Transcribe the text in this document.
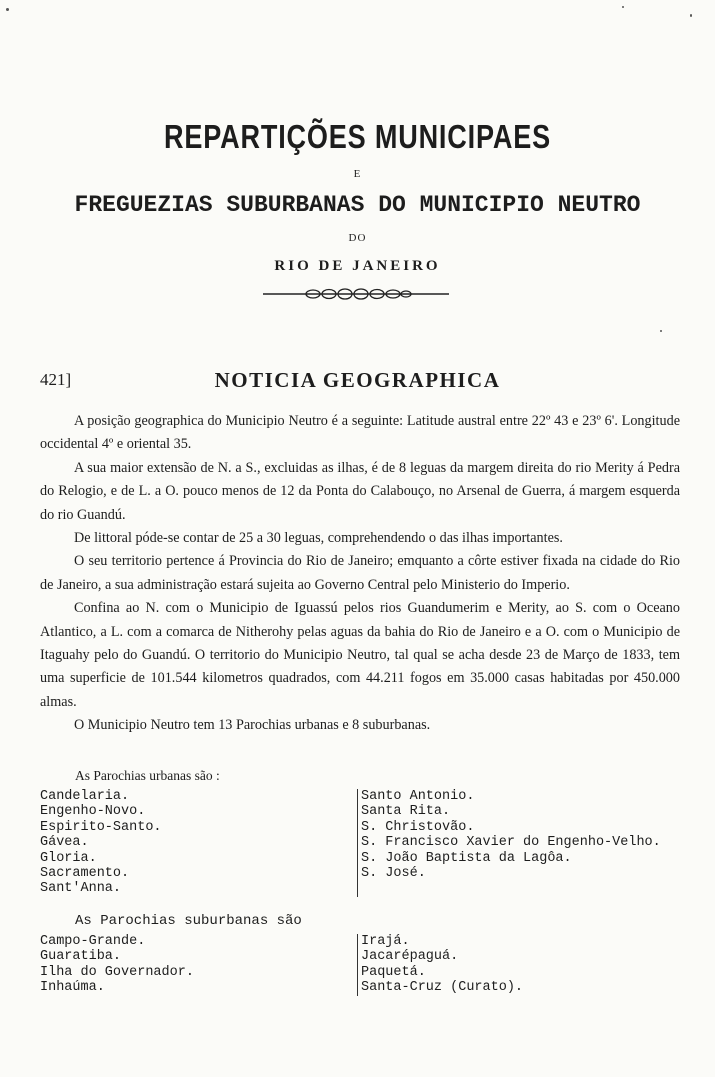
REPARTIÇÕES MUNICIPAES
E
FREGUEZIAS SUBURBANAS DO MUNICIPIO NEUTRO
DO
RIO DE JANEIRO
421]	NOTICIA GEOGRAPHICA

A posição geographica do Municipio Neutro é a seguinte: Latitude austral entre 22º 43 e 23º 6'. Longitude occidental 4º e oriental 35.

A sua maior extensão de N. a S., excluidas as ilhas, é de 8 leguas da margem direita do rio Merity á Pedra do Relogio, e de L. a O. pouco menos de 12 da Ponta do Calabouço, no Arsenal de Guerra, á margem esquerda do rio Guandú.

De littoral póde-se contar de 25 a 30 leguas, comprehendendo o das ilhas importantes.

O seu territorio pertence á Provincia do Rio de Janeiro; emquanto a côrte estiver fixada na cidade do Rio de Janeiro, a sua administração estará sujeita ao Governo Central pelo Ministerio do Imperio.

Confina ao N. com o Municipio de Iguassú pelos rios Guandumerim e Merity, ao S. com o Oceano Atlantico, a L. com a comarca de Nitherohy pelas aguas da bahia do Rio de Janeiro e a O. com o Municipio de Itaguahy pelo do Guandú. O territorio do Municipio Neutro, tal qual se acha desde 23 de Março de 1833, tem uma superficie de 101.544 kilometros quadrados, com 44.211 fogos em 35.000 casas habitadas por 450.000 almas.

O Municipio Neutro tem 13 Parochias urbanas e 8 suburbanas.

As Parochias urbanas são :
Candelaria.
Engenho-Novo.
Espirito-Santo.
Gávea.
Gloria.
Sacramento.
Sant'Anna.
Santo Antonio.
Santa Rita.
S. Christovão.
S. Francisco Xavier do Engenho-Velho.
S. João Baptista da Lagôa.
S. José.
As Parochias suburbanas são
Campo-Grande.
Guaratiba.
Ilha do Governador.
Inhaúma.
Irajá.
Jacarépaguá.
Paquetá.
Santa-Cruz (Curato).
